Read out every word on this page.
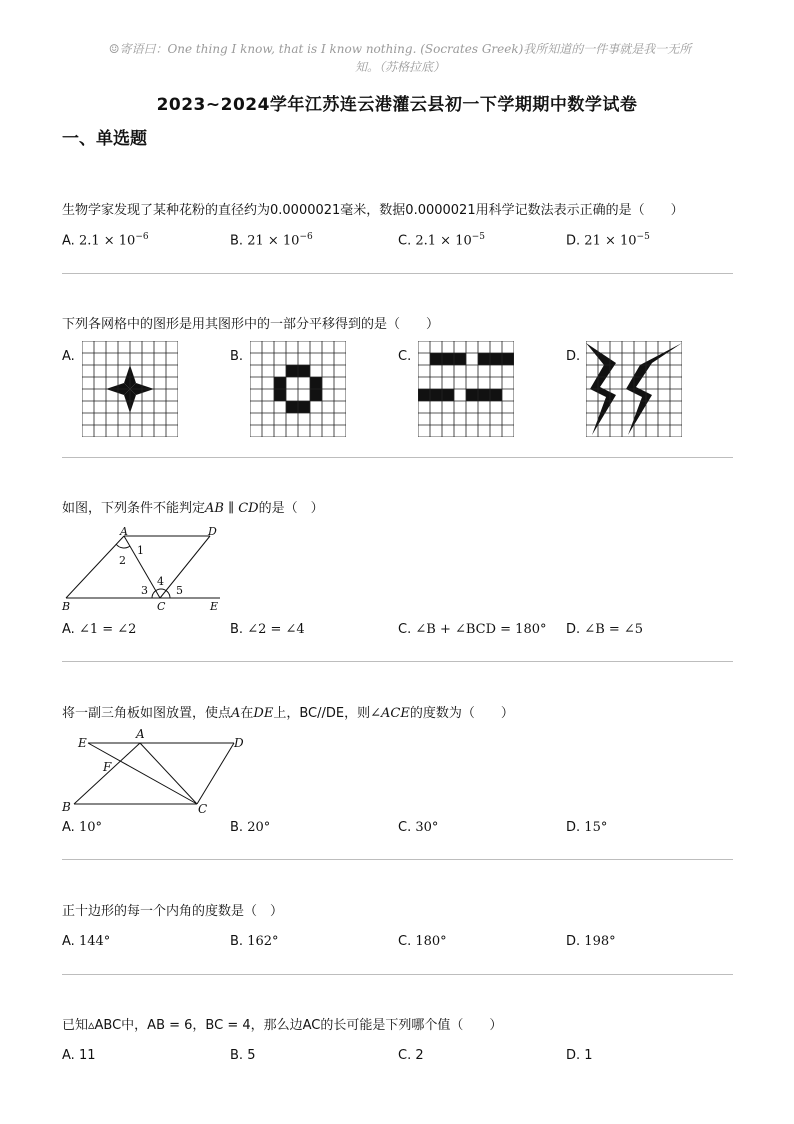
☺寄语曰：One thing I know, that is I know nothing. (Socrates Greek)我所知道的一件事就是我一无所
知。（苏格拉底）
2023~2024学年江苏连云港灌云县初一下学期期中数学试卷
一、单选题
生物学家发现了某种花粉的直径约为0.0000021毫米，数据0.0000021用科学记数法表示正确的是（　　）
A. $2.1 \times 10^{-6}$	B. $21 \times 10^{-6}$	C. $2.1 \times 10^{-5}$	D. $21 \times 10^{-5}$
下列各网格中的图形是用其图形中的一部分平移得到的是（　　）
A.	B.	C.	D.
如图，下列条件不能判定AB ∥ CD的是（　）
A	D
B	C	E
1
2
3
4
5
A. ∠1 = ∠2	B. ∠2 = ∠4	C. ∠B + ∠BCD = 180° D. ∠B = ∠5
将一副三角板如图放置，使点A在DE上，BC//DE，则∠ACE的度数为（　　）
E
A
D
F
B	C
A. 10°	B. 20°	C. 30°	D. 15°
正十边形的每一个内角的度数是（　）
A. 144°	B. 162°	C. 180°	D. 198°
已知▵ABC中，AB = 6，BC = 4，那么边AC的长可能是下列哪个值（　　）
A. 11	B. 5	C. 2	D. 1
